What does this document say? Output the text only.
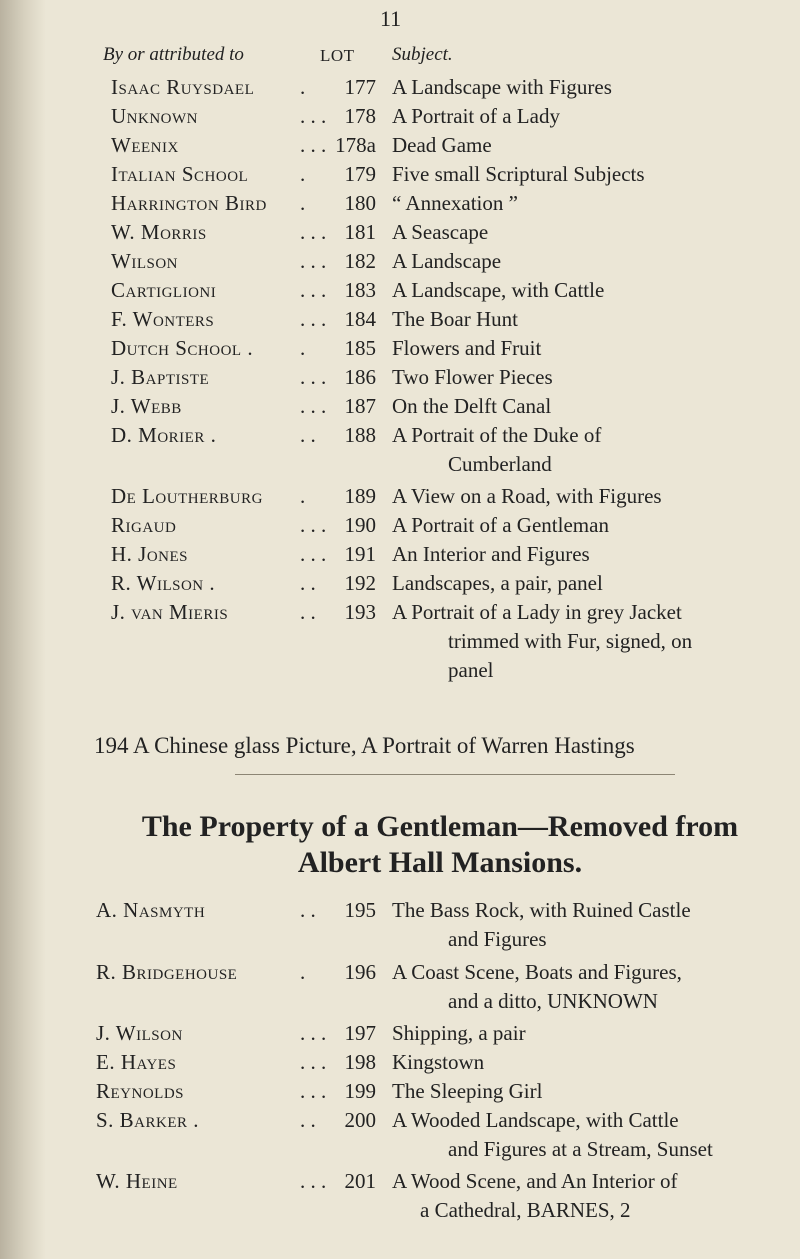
11
By or attributed to	LOT Subject.
Isaac Ruysdael .	177 A Landscape with Figures
Unknown	. . . 178 A Portrait of a Lady
Weenix	. . . 178a Dead Game
Italian School .	179 Five small Scriptural Subjects
Harrington Bird .	180 “ Annexation ”
W. Morris	. . . 181 A Seascape
Wilson	. . . 182 A Landscape
Cartiglioni	. . . 183 A Landscape, with Cattle
F. Wonters	. . . 184 The Boar Hunt
Dutch School . .	185 Flowers and Fruit
J. Baptiste	. . . 186 Two Flower Pieces
J. Webb	. . . 187 On the Delft Canal
D. Morier .	. .	188 A Portrait of the Duke of
Cumberland
De Loutherburg .	189 A View on a Road, with Figures
Rigaud	. . . 190 A Portrait of a Gentleman
H. Jones	. . . 191 An Interior and Figures
R. Wilson .	. .	192 Landscapes, a pair, panel
J. van Mieris	. .	193 A Portrait of a Lady in grey Jacket
trimmed with Fur, signed, on
panel
194 A Chinese glass Picture, A Portrait of Warren Hastings
The Property of a Gentleman—Removed from
Albert Hall Mansions.
A. Nasmyth	. .	195 The Bass Rock, with Ruined Castle
and Figures
R. Bridgehouse	.	196 A Coast Scene, Boats and Figures,
and a ditto, UNKNOWN
J. Wilson	. . . 197 Shipping, a pair
E. Hayes	. . . 198 Kingstown
Reynolds	. . . 199 The Sleeping Girl
S. Barker .	. .	200 A Wooded Landscape, with Cattle
and Figures at a Stream, Sunset
W. Heine	. . . 201 A Wood Scene, and An Interior of
a Cathedral, BARNES, 2
